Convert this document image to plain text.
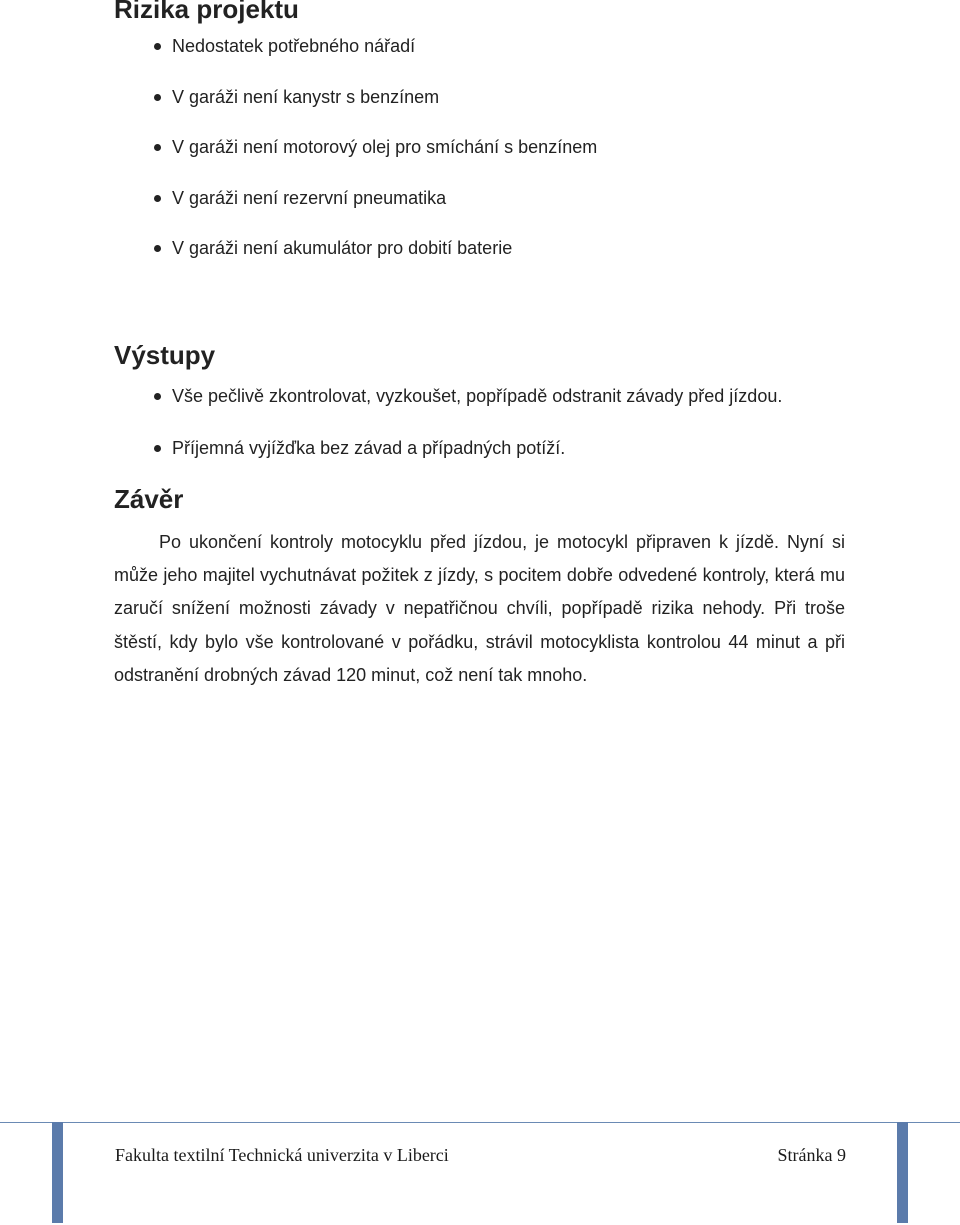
Rizika projektu
Nedostatek potřebného nářadí
V garáži není kanystr s benzínem
V garáži není motorový olej pro smíchání s benzínem
V garáži není rezervní pneumatika
V garáži není akumulátor pro dobití baterie
Výstupy
Vše pečlivě zkontrolovat, vyzkoušet, popřípadě odstranit závady před jízdou.
Příjemná vyjížďka bez závad a případných potíží.
Závěr

Po ukončení kontroly motocyklu před jízdou, je motocykl připraven k jízdě. Nyní si může jeho majitel vychutnávat požitek z jízdy, s pocitem dobře odvedené kontroly, která mu zaručí snížení možnosti závady v nepatřičnou chvíli, popřípadě rizika nehody. Při troše štěstí, kdy bylo vše kontrolované v pořádku, strávil motocyklista kontrolou 44 minut a při odstranění drobných závad 120 minut, což není tak mnoho.

Fakulta textilní Technická univerzita v Liberci	Stránka 9
